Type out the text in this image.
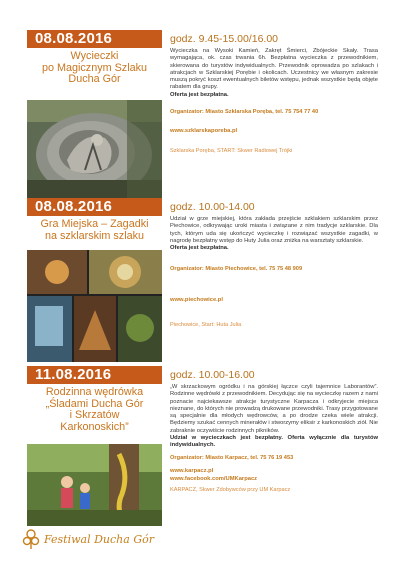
08.08.2016
Wycieczki
po Magicznym Szlaku
Ducha Gór
godz. 9.45-15.00/16.00
Wycieczka na Wysoki Kamień, Zakręt Śmierci, Zbójeckie Skały. Trasa wymagająca, ok. czas trwania 6h. Bezpłatna wycieczka z przewodnikiem, skierowana do turystów indywidualnych. Przewodnik oprowadza po szlakach i atrakcjach w Szklarskiej Porębie i okolicach. Uczestnicy we własnym zakresie muszą pokryć koszt ewentualnych biletów wstępu, jednak wszystkie będą objęte rabatem dla grupy.
Oferta jest bezpłatna.
Organizator: Miasto Szklarska Poręba, tel. 75 754 77 40
www.szklarskaporeba.pl
Szklarska Poręba, START: Skwer Radiowej Trójki
08.08.2016
Gra Miejska – Zagadki
na szklarskim szlaku
godz. 10.00-14.00
Udział w grze miejskiej, która zakłada przejście szklakiem szklarskim przez Piechowice, odkrywając uroki miasta i związane z nim tradycje szklarskie. Dla tych, którym uda się ukończyć wycieczkę i rozwiązać wszystkie zagadki, w nagrodę bezpłatny wstęp do Huty Julia oraz zniżka na warsztaty szklarskie.
Oferta jest bezpłatna.
Organizator: Miasto Piechowice, tel. 75 75 48 909
www.piechowice.pl
Piechowice, Start: Huta Julia
11.08.2016
Rodzinna wędrówka
„Śladami Ducha Gór
i Skrzatów
Karkonoskich”
godz. 10.00-16.00
„W skrzackowym ogródku i na górskiej łączce czyli tajemnice Laborantów”. Rodzinne wędrówki z przewodnikiem. Decydując się na wycieczkę razem z nami poznacie najciekawsze atrakcje turystyczne Karpacza i odkryjecie miejsca nieznane, do których nie prowadzą drukowane przewodniki. Trasy przygotowane są specjalnie dla młodych wędrowców, a po drodze czeka wiele atrakcji. Będziemy szukać cennych minerałów i stworzymy eliksir z karkonoskich ziół. Nie zabraknie oczywiście rodzinnych pikników.
Udział w wycieczkach jest bezpłatny. Oferta wyłącznie dla turystów indywidualnych.
Organizator: Miasto Karpacz, tel. 75 76 19 453
www.karpacz.pl
www.facebook.com/UMKarpacz
KARPACZ, Skwer Zdobywców przy UM Karpacz
Festiwal Ducha Gór
